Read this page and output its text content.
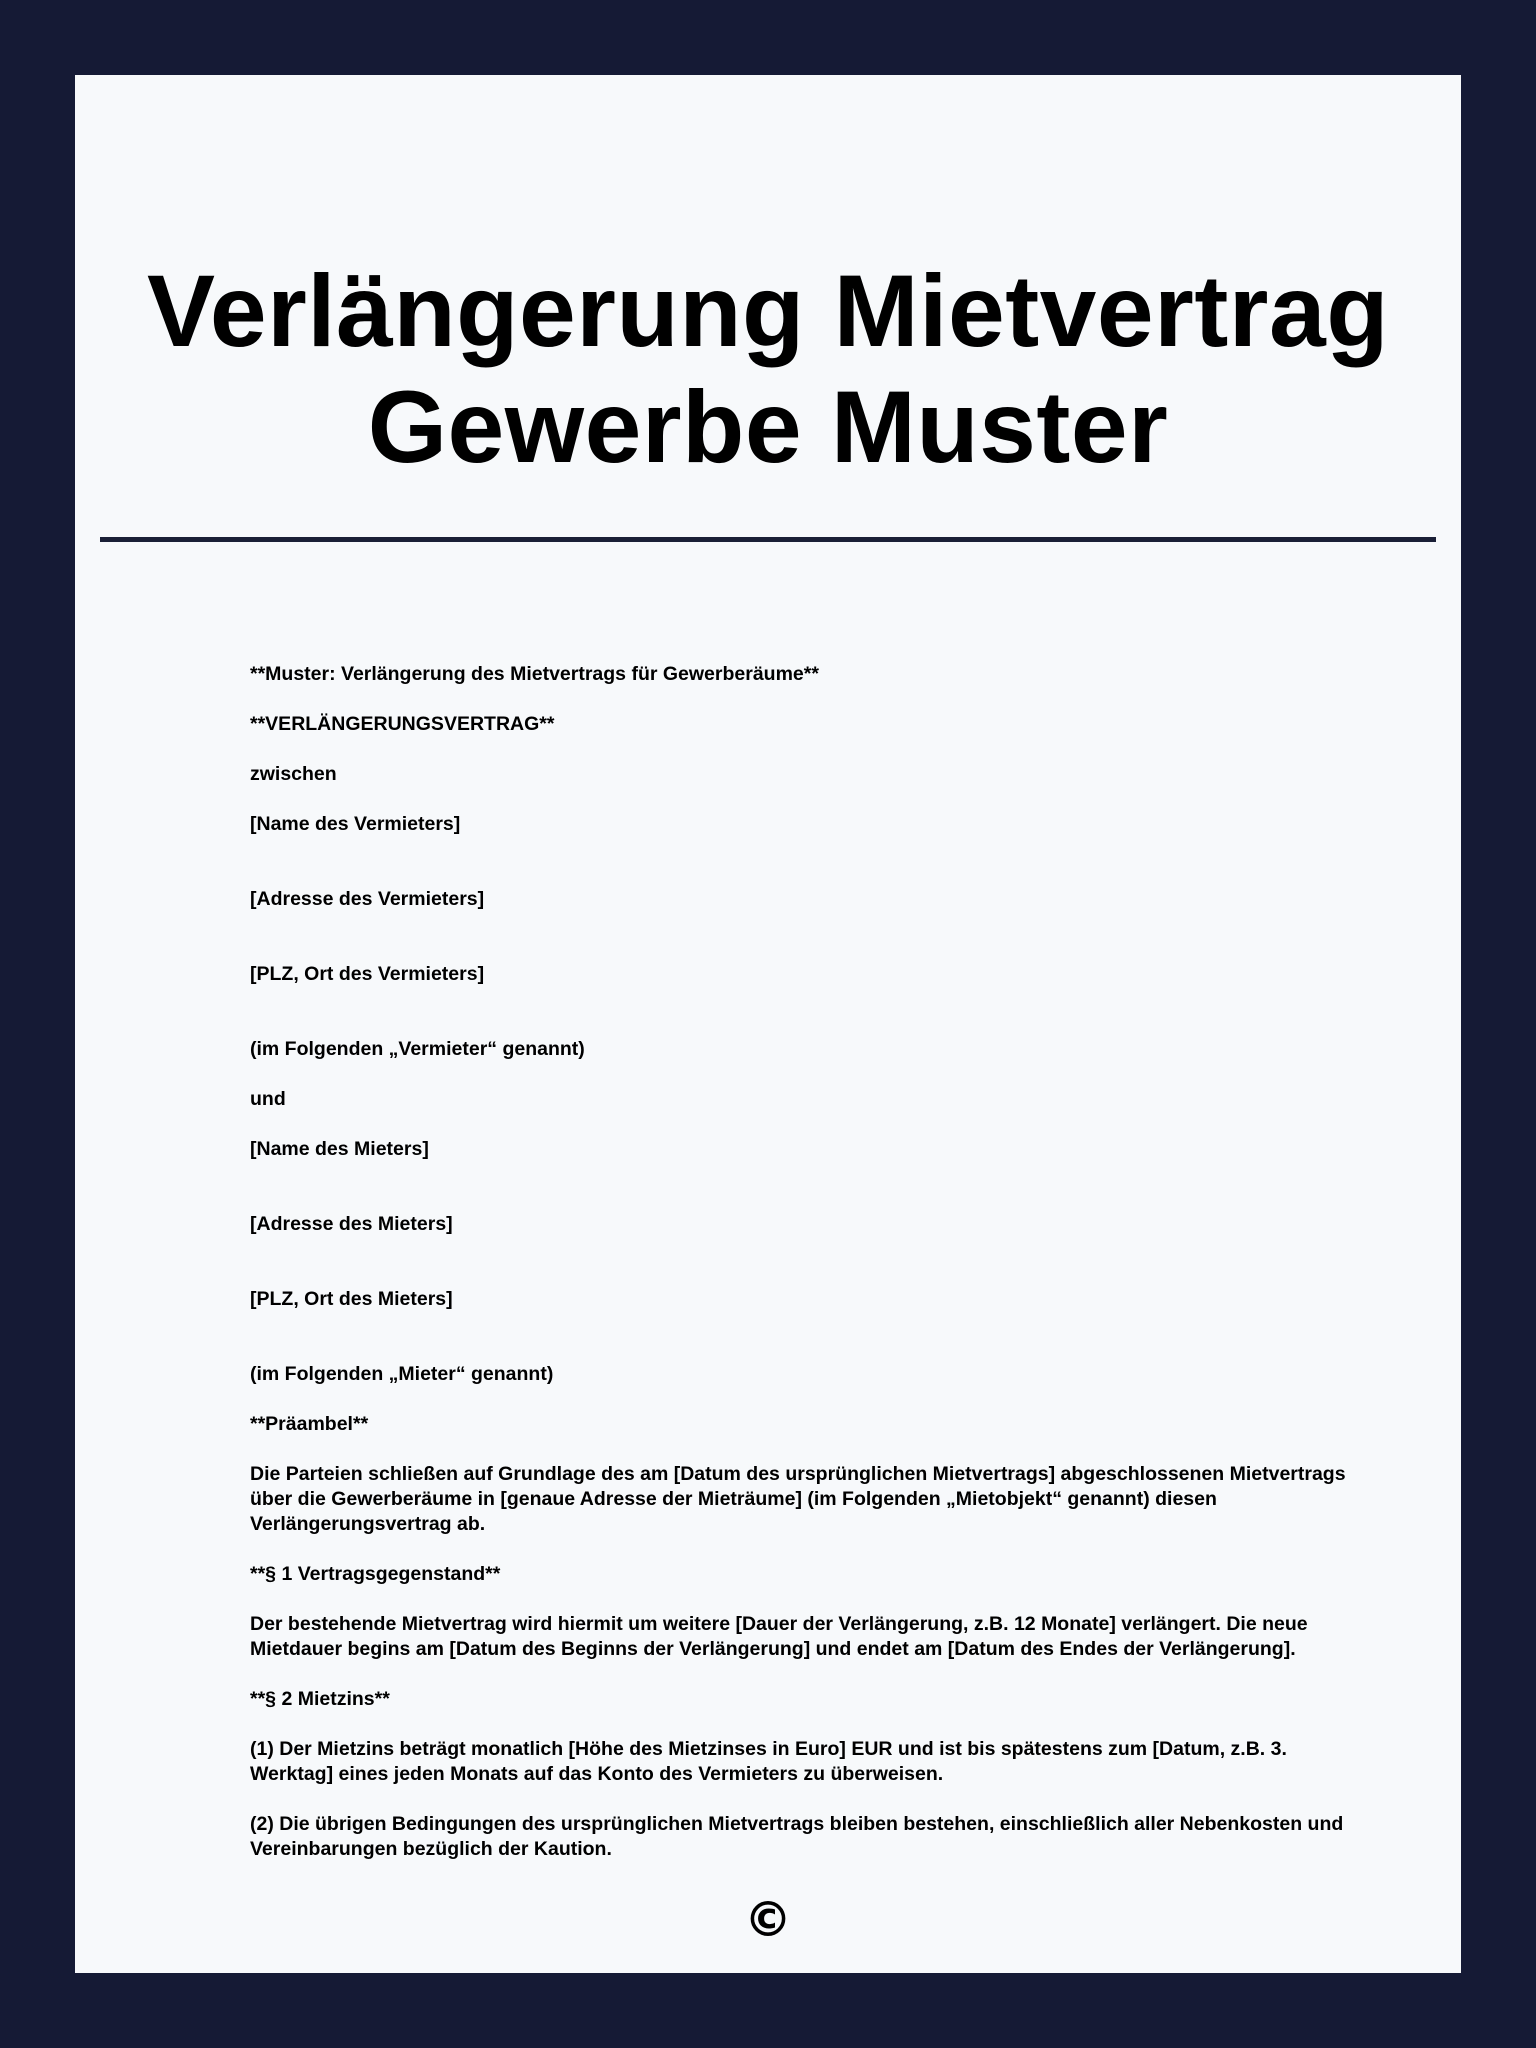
Verlängerung Mietvertrag
Gewerbe Muster

**Muster: Verlängerung des Mietvertrags für Gewerberäume**

**VERLÄNGERUNGSVERTRAG**

zwischen

[Name des Vermieters]

[Adresse des Vermieters]

[PLZ, Ort des Vermieters]

(im Folgenden „Vermieter“ genannt)

und

[Name des Mieters]

[Adresse des Mieters]

[PLZ, Ort des Mieters]

(im Folgenden „Mieter“ genannt)

**Präambel**

Die Parteien schließen auf Grundlage des am [Datum des ursprünglichen Mietvertrags] abgeschlossenen Mietvertrags über die Gewerberäume in [genaue Adresse der Mieträume] (im Folgenden „Mietobjekt“ genannt) diesen Verlängerungsvertrag ab.

**§ 1 Vertragsgegenstand**

Der bestehende Mietvertrag wird hiermit um weitere [Dauer der Verlängerung, z.B. 12 Monate] verlängert. Die neue Mietdauer begins am [Datum des Beginns der Verlängerung] und endet am [Datum des Endes der Verlängerung].

**§ 2 Mietzins**

(1) Der Mietzins beträgt monatlich [Höhe des Mietzinses in Euro] EUR und ist bis spätestens zum [Datum, z.B. 3. Werktag] eines jeden Monats auf das Konto des Vermieters zu überweisen.

(2) Die übrigen Bedingungen des ursprünglichen Mietvertrags bleiben bestehen, einschließlich aller Nebenkosten und Vereinbarungen bezüglich der Kaution.

©
